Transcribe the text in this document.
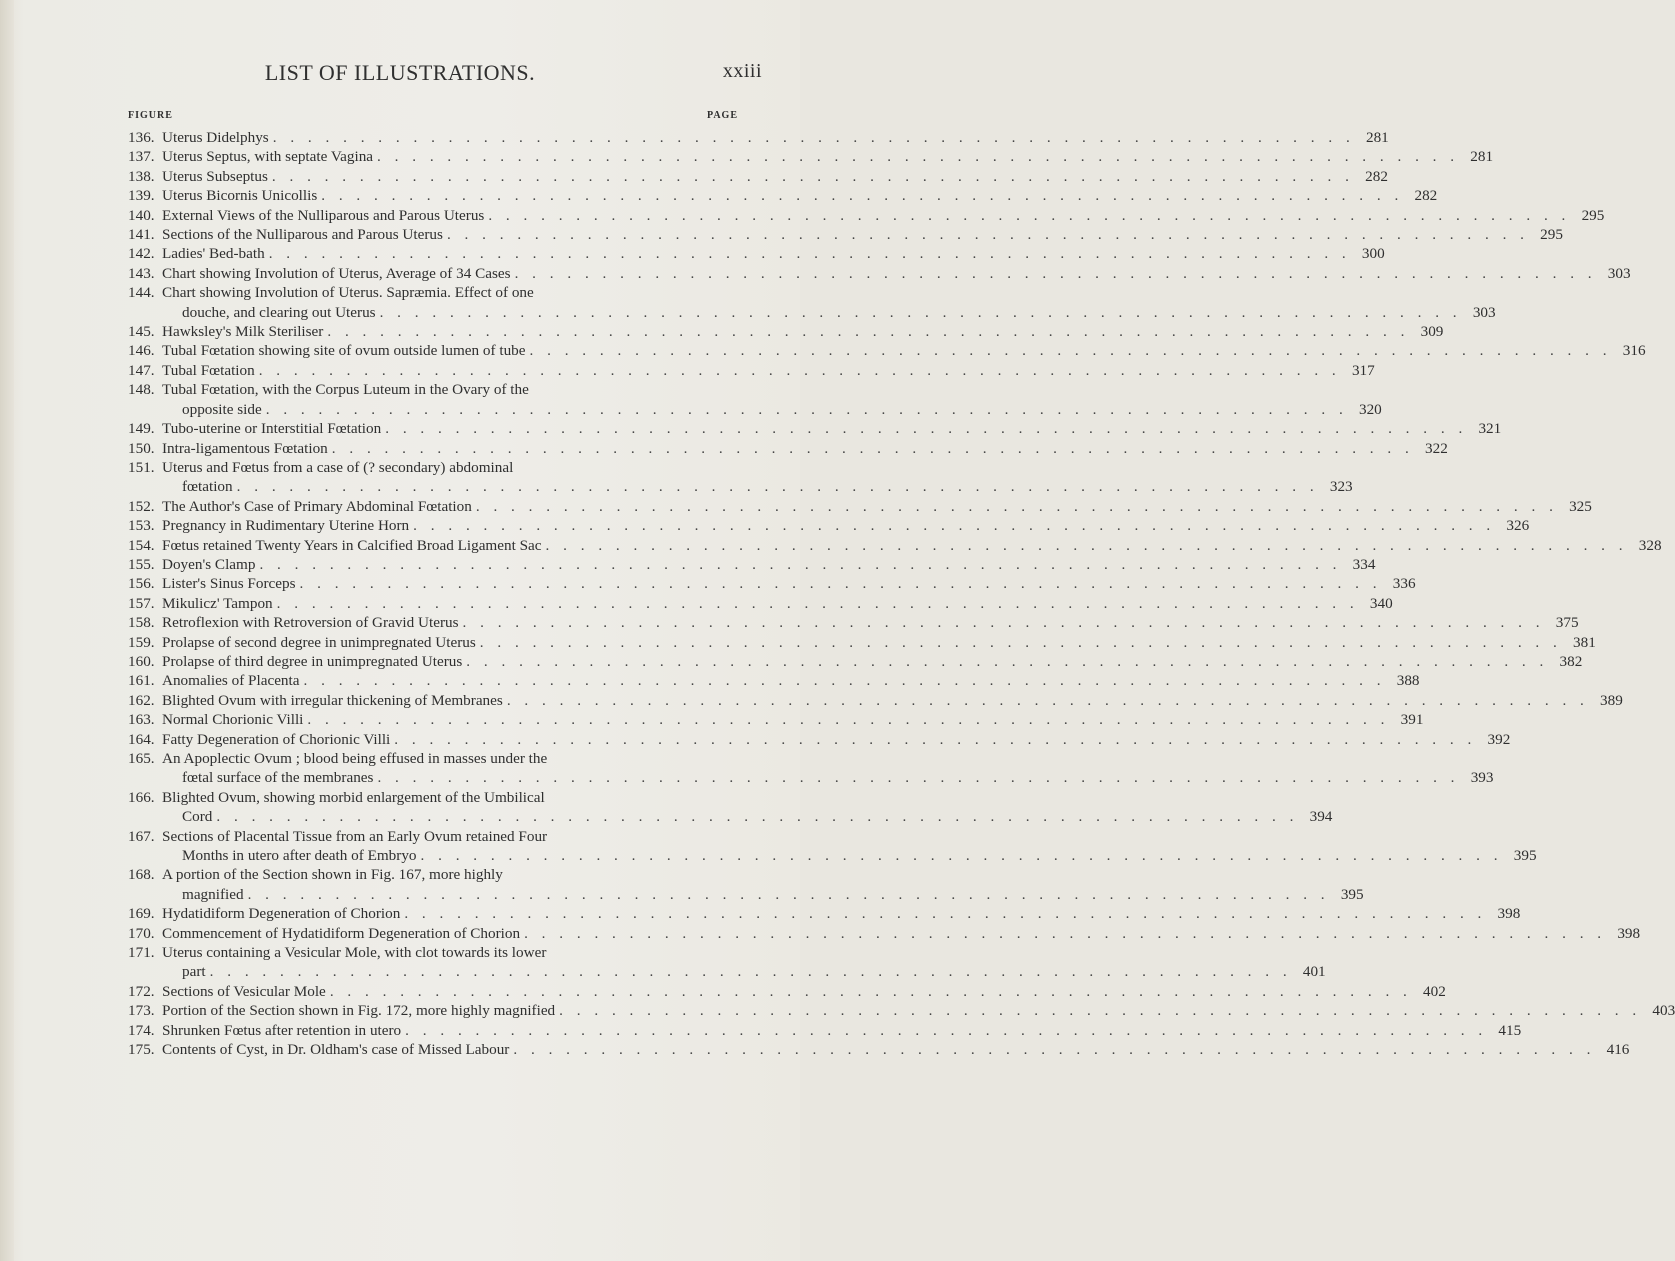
LIST OF ILLUSTRATIONS.	xxiii
FIGURE	PAGE
136. Uterus Didelphys . . . . . . . . . . . . . . . . . . . . . . . . . . . . . . . . . . . . . . . . . . . . . . . . . . . . . . . . . . . . . . 281
137. Uterus Septus, with septate Vagina . . . . . . . . . . . . . . . . . . . . . . . . . . . . . . . . . . . . . . . . . . . . . . . . . . . . . . . . . . . . . . 281
138. Uterus Subseptus . . . . . . . . . . . . . . . . . . . . . . . . . . . . . . . . . . . . . . . . . . . . . . . . . . . . . . . . . . . . . . 282
139. Uterus Bicornis Unicollis . . . . . . . . . . . . . . . . . . . . . . . . . . . . . . . . . . . . . . . . . . . . . . . . . . . . . . . . . . . . . . 282
140. External Views of the Nulliparous and Parous Uterus . . . . . . . . . . . . . . . . . . . . . . . . . . . . . . . . . . . . . . . . . . . . . . . . . . . . . . . . . . . . . . 295
141. Sections of the Nulliparous and Parous Uterus . . . . . . . . . . . . . . . . . . . . . . . . . . . . . . . . . . . . . . . . . . . . . . . . . . . . . . . . . . . . . . 295
142. Ladies' Bed-bath . . . . . . . . . . . . . . . . . . . . . . . . . . . . . . . . . . . . . . . . . . . . . . . . . . . . . . . . . . . . . . 300
143. Chart showing Involution of Uterus, Average of 34 Cases . . . . . . . . . . . . . . . . . . . . . . . . . . . . . . . . . . . . . . . . . . . . . . . . . . . . . . . . . . . . . . 303
144. Chart showing Involution of Uterus. Sapræmia. Effect of one
douche, and clearing out Uterus . . . . . . . . . . . . . . . . . . . . . . . . . . . . . . . . . . . . . . . . . . . . . . . . . . . . . . . . . . . . . . 303
145. Hawksley's Milk Steriliser . . . . . . . . . . . . . . . . . . . . . . . . . . . . . . . . . . . . . . . . . . . . . . . . . . . . . . . . . . . . . . 309
146. Tubal Fœtation showing site of ovum outside lumen of tube . . . . . . . . . . . . . . . . . . . . . . . . . . . . . . . . . . . . . . . . . . . . . . . . . . . . . . . . . . . . . . 316
147. Tubal Fœtation . . . . . . . . . . . . . . . . . . . . . . . . . . . . . . . . . . . . . . . . . . . . . . . . . . . . . . . . . . . . . . 317
148. Tubal Fœtation, with the Corpus Luteum in the Ovary of the
opposite side . . . . . . . . . . . . . . . . . . . . . . . . . . . . . . . . . . . . . . . . . . . . . . . . . . . . . . . . . . . . . . 320
149. Tubo-uterine or Interstitial Fœtation . . . . . . . . . . . . . . . . . . . . . . . . . . . . . . . . . . . . . . . . . . . . . . . . . . . . . . . . . . . . . . 321
150. Intra-ligamentous Fœtation . . . . . . . . . . . . . . . . . . . . . . . . . . . . . . . . . . . . . . . . . . . . . . . . . . . . . . . . . . . . . . 322
151. Uterus and Fœtus from a case of (? secondary) abdominal
fœtation . . . . . . . . . . . . . . . . . . . . . . . . . . . . . . . . . . . . . . . . . . . . . . . . . . . . . . . . . . . . . . 323
152. The Author's Case of Primary Abdominal Fœtation . . . . . . . . . . . . . . . . . . . . . . . . . . . . . . . . . . . . . . . . . . . . . . . . . . . . . . . . . . . . . . 325
153. Pregnancy in Rudimentary Uterine Horn . . . . . . . . . . . . . . . . . . . . . . . . . . . . . . . . . . . . . . . . . . . . . . . . . . . . . . . . . . . . . . 326
154. Fœtus retained Twenty Years in Calcified Broad Ligament Sac . . . . . . . . . . . . . . . . . . . . . . . . . . . . . . . . . . . . . . . . . . . . . . . . . . . . . . . . . . . . . . 328
155. Doyen's Clamp . . . . . . . . . . . . . . . . . . . . . . . . . . . . . . . . . . . . . . . . . . . . . . . . . . . . . . . . . . . . . . 334
156. Lister's Sinus Forceps . . . . . . . . . . . . . . . . . . . . . . . . . . . . . . . . . . . . . . . . . . . . . . . . . . . . . . . . . . . . . . 336
157. Mikulicz' Tampon . . . . . . . . . . . . . . . . . . . . . . . . . . . . . . . . . . . . . . . . . . . . . . . . . . . . . . . . . . . . . . 340
158. Retroflexion with Retroversion of Gravid Uterus . . . . . . . . . . . . . . . . . . . . . . . . . . . . . . . . . . . . . . . . . . . . . . . . . . . . . . . . . . . . . . 375
159. Prolapse of second degree in unimpregnated Uterus . . . . . . . . . . . . . . . . . . . . . . . . . . . . . . . . . . . . . . . . . . . . . . . . . . . . . . . . . . . . . . 381
160. Prolapse of third degree in unimpregnated Uterus . . . . . . . . . . . . . . . . . . . . . . . . . . . . . . . . . . . . . . . . . . . . . . . . . . . . . . . . . . . . . . 382
161. Anomalies of Placenta . . . . . . . . . . . . . . . . . . . . . . . . . . . . . . . . . . . . . . . . . . . . . . . . . . . . . . . . . . . . . . 388
162. Blighted Ovum with irregular thickening of Membranes . . . . . . . . . . . . . . . . . . . . . . . . . . . . . . . . . . . . . . . . . . . . . . . . . . . . . . . . . . . . . . 389
163. Normal Chorionic Villi . . . . . . . . . . . . . . . . . . . . . . . . . . . . . . . . . . . . . . . . . . . . . . . . . . . . . . . . . . . . . . 391
164. Fatty Degeneration of Chorionic Villi . . . . . . . . . . . . . . . . . . . . . . . . . . . . . . . . . . . . . . . . . . . . . . . . . . . . . . . . . . . . . . 392
165. An Apoplectic Ovum ; blood being effused in masses under the
fœtal surface of the membranes . . . . . . . . . . . . . . . . . . . . . . . . . . . . . . . . . . . . . . . . . . . . . . . . . . . . . . . . . . . . . . 393
166. Blighted Ovum, showing morbid enlargement of the Umbilical
Cord . . . . . . . . . . . . . . . . . . . . . . . . . . . . . . . . . . . . . . . . . . . . . . . . . . . . . . . . . . . . . . 394
167. Sections of Placental Tissue from an Early Ovum retained Four
Months in utero after death of Embryo . . . . . . . . . . . . . . . . . . . . . . . . . . . . . . . . . . . . . . . . . . . . . . . . . . . . . . . . . . . . . . 395
168. A portion of the Section shown in Fig. 167, more highly
magnified . . . . . . . . . . . . . . . . . . . . . . . . . . . . . . . . . . . . . . . . . . . . . . . . . . . . . . . . . . . . . . 395
169. Hydatidiform Degeneration of Chorion . . . . . . . . . . . . . . . . . . . . . . . . . . . . . . . . . . . . . . . . . . . . . . . . . . . . . . . . . . . . . . 398
170. Commencement of Hydatidiform Degeneration of Chorion . . . . . . . . . . . . . . . . . . . . . . . . . . . . . . . . . . . . . . . . . . . . . . . . . . . . . . . . . . . . . . 398
171. Uterus containing a Vesicular Mole, with clot towards its lower
part . . . . . . . . . . . . . . . . . . . . . . . . . . . . . . . . . . . . . . . . . . . . . . . . . . . . . . . . . . . . . . 401
172. Sections of Vesicular Mole . . . . . . . . . . . . . . . . . . . . . . . . . . . . . . . . . . . . . . . . . . . . . . . . . . . . . . . . . . . . . . 402
173. Portion of the Section shown in Fig. 172, more highly magnified . . . . . . . . . . . . . . . . . . . . . . . . . . . . . . . . . . . . . . . . . . . . . . . . . . . . . . . . . . . . . . 403
174. Shrunken Fœtus after retention in utero . . . . . . . . . . . . . . . . . . . . . . . . . . . . . . . . . . . . . . . . . . . . . . . . . . . . . . . . . . . . . . 415
175. Contents of Cyst, in Dr. Oldham's case of Missed Labour . . . . . . . . . . . . . . . . . . . . . . . . . . . . . . . . . . . . . . . . . . . . . . . . . . . . . . . . . . . . . . 416
